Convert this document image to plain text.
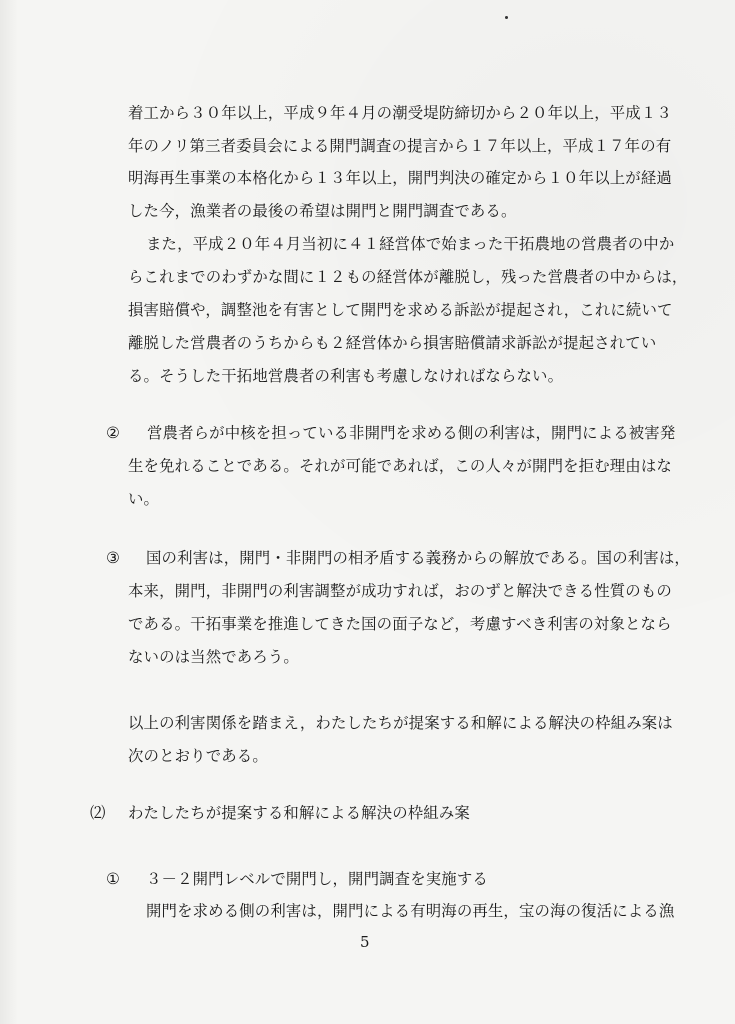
着工から３０年以上，平成９年４月の潮受堤防締切から２０年以上，平成１３
年のノリ第三者委員会による開門調査の提言から１７年以上，平成１７年の有
明海再生事業の本格化から１３年以上，開門判決の確定から１０年以上が経過
した今，漁業者の最後の希望は開門と開門調査である。
また，平成２０年４月当初に４１経営体で始まった干拓農地の営農者の中か
らこれまでのわずかな間に１２もの経営体が離脱し，残った営農者の中からは，
損害賠償や，調整池を有害として開門を求める訴訟が提起され，これに続いて
離脱した営農者のうちからも２経営体から損害賠償請求訴訟が提起されてい
る。そうした干拓地営農者の利害も考慮しなければならない。
② 営農者らが中核を担っている非開門を求める側の利害は，開門による被害発
生を免れることである。それが可能であれば，この人々が開門を拒む理由はな
い。
③ 国の利害は，開門・非開門の相矛盾する義務からの解放である。国の利害は，
本来，開門，非開門の利害調整が成功すれば，おのずと解決できる性質のもの
である。干拓事業を推進してきた国の面子など，考慮すべき利害の対象となら
ないのは当然であろう。
以上の利害関係を踏まえ，わたしたちが提案する和解による解決の枠組み案は
次のとおりである。
⑵ わたしたちが提案する和解による解決の枠組み案
① ３－２開門レベルで開門し，開門調査を実施する
開門を求める側の利害は，開門による有明海の再生，宝の海の復活による漁
5
